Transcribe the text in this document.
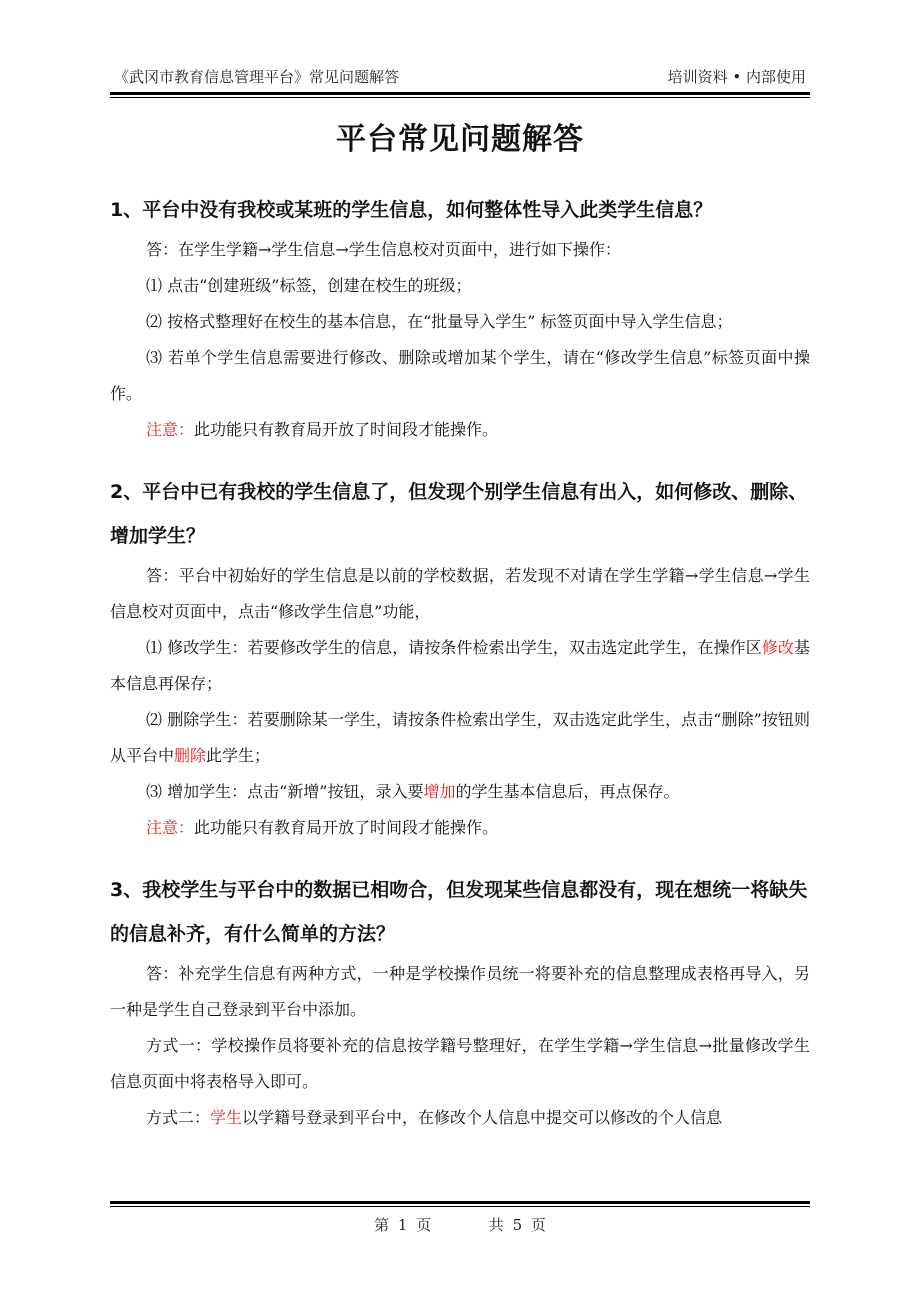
《武冈市教育信息管理平台》常见问题解答	培训资料 • 内部使用
平台常见问题解答

1、平台中没有我校或某班的学生信息，如何整体性导入此类学生信息？

答：在学生学籍→学生信息→学生信息校对页面中，进行如下操作：

⑴ 点击“创建班级”标签，创建在校生的班级；

⑵ 按格式整理好在校生的基本信息，在“批量导入学生” 标签页面中导入学生信息；

⑶ 若单个学生信息需要进行修改、删除或增加某个学生，请在“修改学生信息”标签页面中操作。

注意：此功能只有教育局开放了时间段才能操作。

2、平台中已有我校的学生信息了，但发现个别学生信息有出入，如何修改、删除、增加学生？

答：平台中初始好的学生信息是以前的学校数据，若发现不对请在学生学籍→学生信息→学生信息校对页面中，点击“修改学生信息”功能，

⑴ 修改学生：若要修改学生的信息，请按条件检索出学生，双击选定此学生，在操作区修改基本信息再保存；

⑵ 删除学生：若要删除某一学生，请按条件检索出学生，双击选定此学生，点击“删除”按钮则从平台中删除此学生；

⑶ 增加学生：点击“新增”按钮，录入要增加的学生基本信息后，再点保存。

注意：此功能只有教育局开放了时间段才能操作。

3、我校学生与平台中的数据已相吻合，但发现某些信息都没有，现在想统一将缺失的信息补齐，有什么简单的方法？

答：补充学生信息有两种方式，一种是学校操作员统一将要补充的信息整理成表格再导入，另一种是学生自己登录到平台中添加。

方式一：学校操作员将要补充的信息按学籍号整理好，在学生学籍→学生信息→批量修改学生信息页面中将表格导入即可。

方式二：学生以学籍号登录到平台中，在修改个人信息中提交可以修改的个人信息

第 1 页	共 5 页
